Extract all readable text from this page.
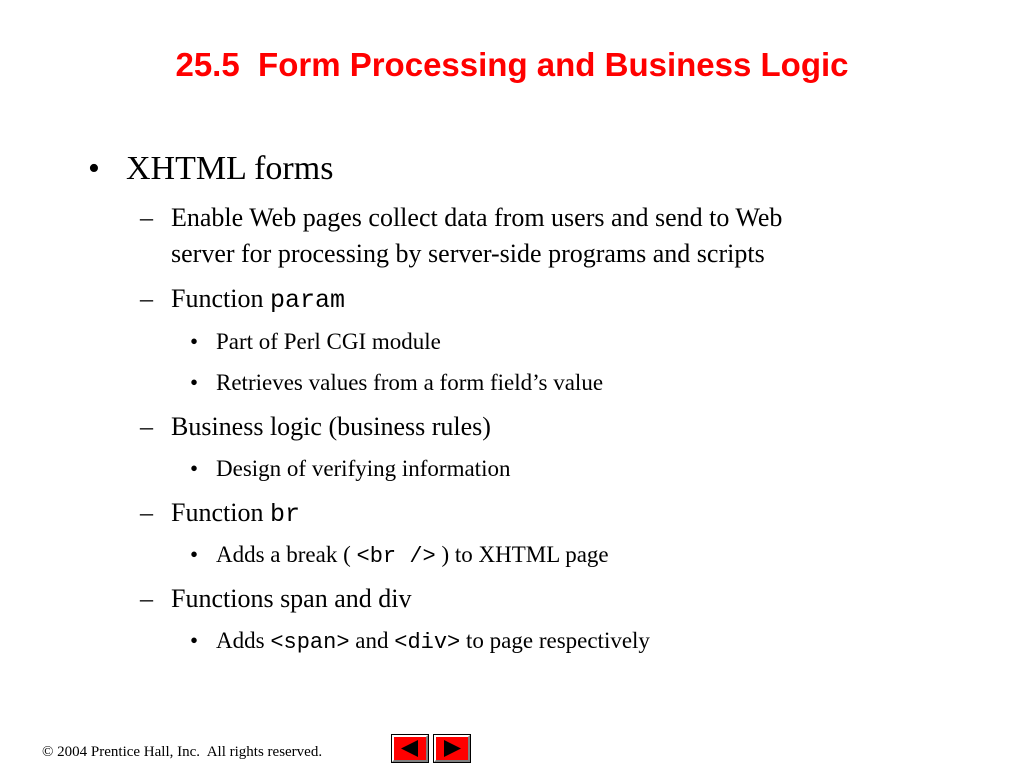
25.5  Form Processing and Business Logic
• XHTML forms
– Enable Web pages collect data from users and send to Web
server for processing by server-side programs and scripts
– Function param
• Part of Perl CGI module
• Retrieves values from a form field’s value
– Business logic (business rules)
• Design of verifying information
– Function br
• Adds a break ( <br /> ) to XHTML page
– Functions span and div
• Adds <span> and <div> to page respectively
© 2004 Prentice Hall, Inc.  All rights reserved.
